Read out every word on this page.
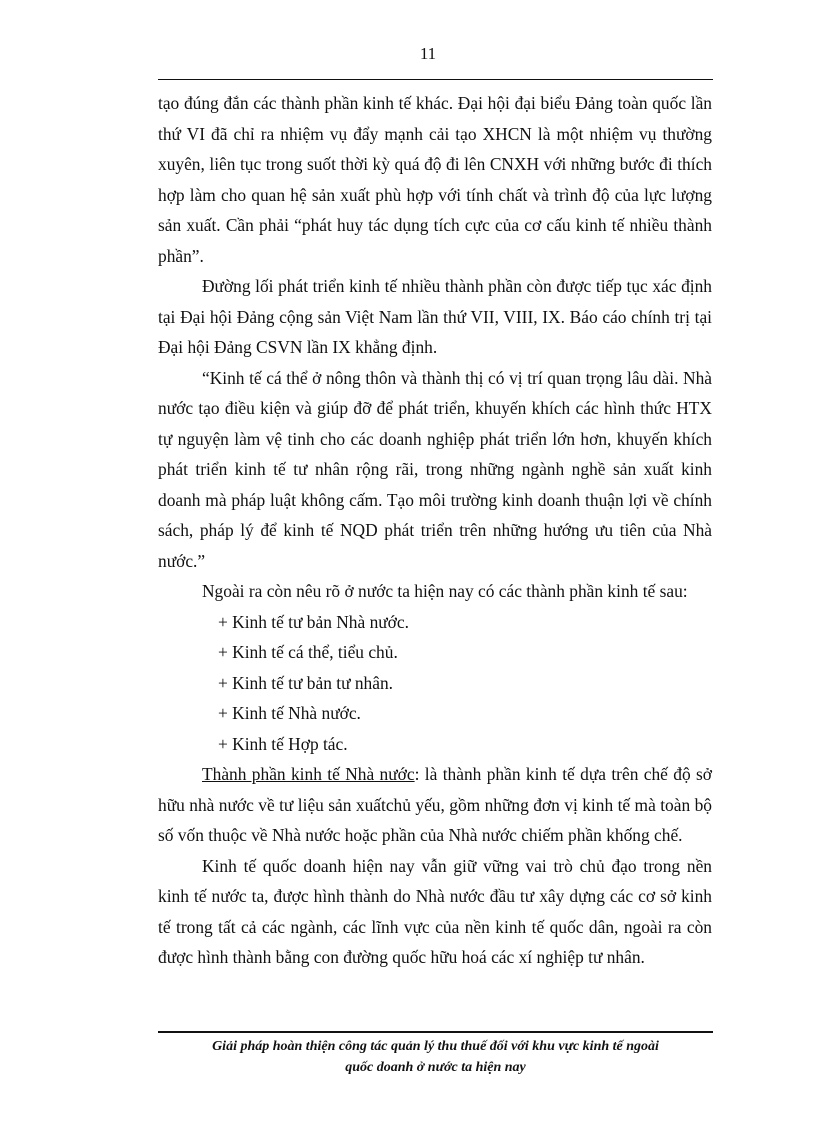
11

tạo đúng đắn các thành phần kinh tế khác. Đại hội đại biểu Đảng toàn quốc lần thứ VI đã chỉ ra nhiệm vụ đẩy mạnh cải tạo XHCN là một nhiệm vụ thường xuyên, liên tục trong suốt thời kỳ quá độ đi lên CNXH với những bước đi thích hợp làm cho quan hệ sản xuất phù hợp với tính chất và trình độ của lực lượng sản xuất. Cần phải “phát huy tác dụng tích cực của cơ cấu kinh tế nhiều thành phần”.

Đường lối phát triển kinh tế nhiều thành phần còn được tiếp tục xác định tại Đại hội Đảng cộng sản Việt Nam lần thứ VII, VIII, IX. Báo cáo chính trị tại Đại hội Đảng CSVN lần IX khẳng định.

“Kinh tế cá thể ở nông thôn và thành thị có vị trí quan trọng lâu dài. Nhà nước tạo điều kiện và giúp đỡ để phát triển, khuyến khích các hình thức HTX tự nguyện làm vệ tinh cho các doanh nghiệp phát triển lớn hơn, khuyến khích phát triển kinh tế tư nhân rộng rãi, trong những ngành nghề sản xuất kinh doanh mà pháp luật không cấm. Tạo môi trường kinh doanh thuận lợi về chính sách, pháp lý để kinh tế NQD phát triển trên những hướng ưu tiên của Nhà nước.”

Ngoài ra còn nêu rõ ở nước ta hiện nay có các thành phần kinh tế sau:

+ Kinh tế tư bản Nhà nước.

+ Kinh tế cá thể, tiểu chủ.

+ Kinh tế tư bản tư nhân.

+ Kinh tế Nhà nước.

+ Kinh tế Hợp tác.

Thành phần kinh tế Nhà nước: là thành phần kinh tế dựa trên chế độ sở hữu nhà nước về tư liệu sản xuấtchủ yếu, gồm những đơn vị kinh tế mà toàn bộ số vốn thuộc về Nhà nước hoặc phần của Nhà nước chiếm phần khống chế.

Kinh tế quốc doanh hiện nay vẫn giữ vững vai trò chủ đạo trong nền kinh tế nước ta, được hình thành do Nhà nước đầu tư xây dựng các cơ sở kinh tế trong tất cả các ngành, các lĩnh vực của nền kinh tế quốc dân, ngoài ra còn được hình thành bằng con đường quốc hữu hoá các xí nghiệp tư nhân.

Giải pháp hoàn thiện công tác quản lý thu thuế đối với khu vực kinh tế ngoài
quốc doanh ở nước ta hiện nay
